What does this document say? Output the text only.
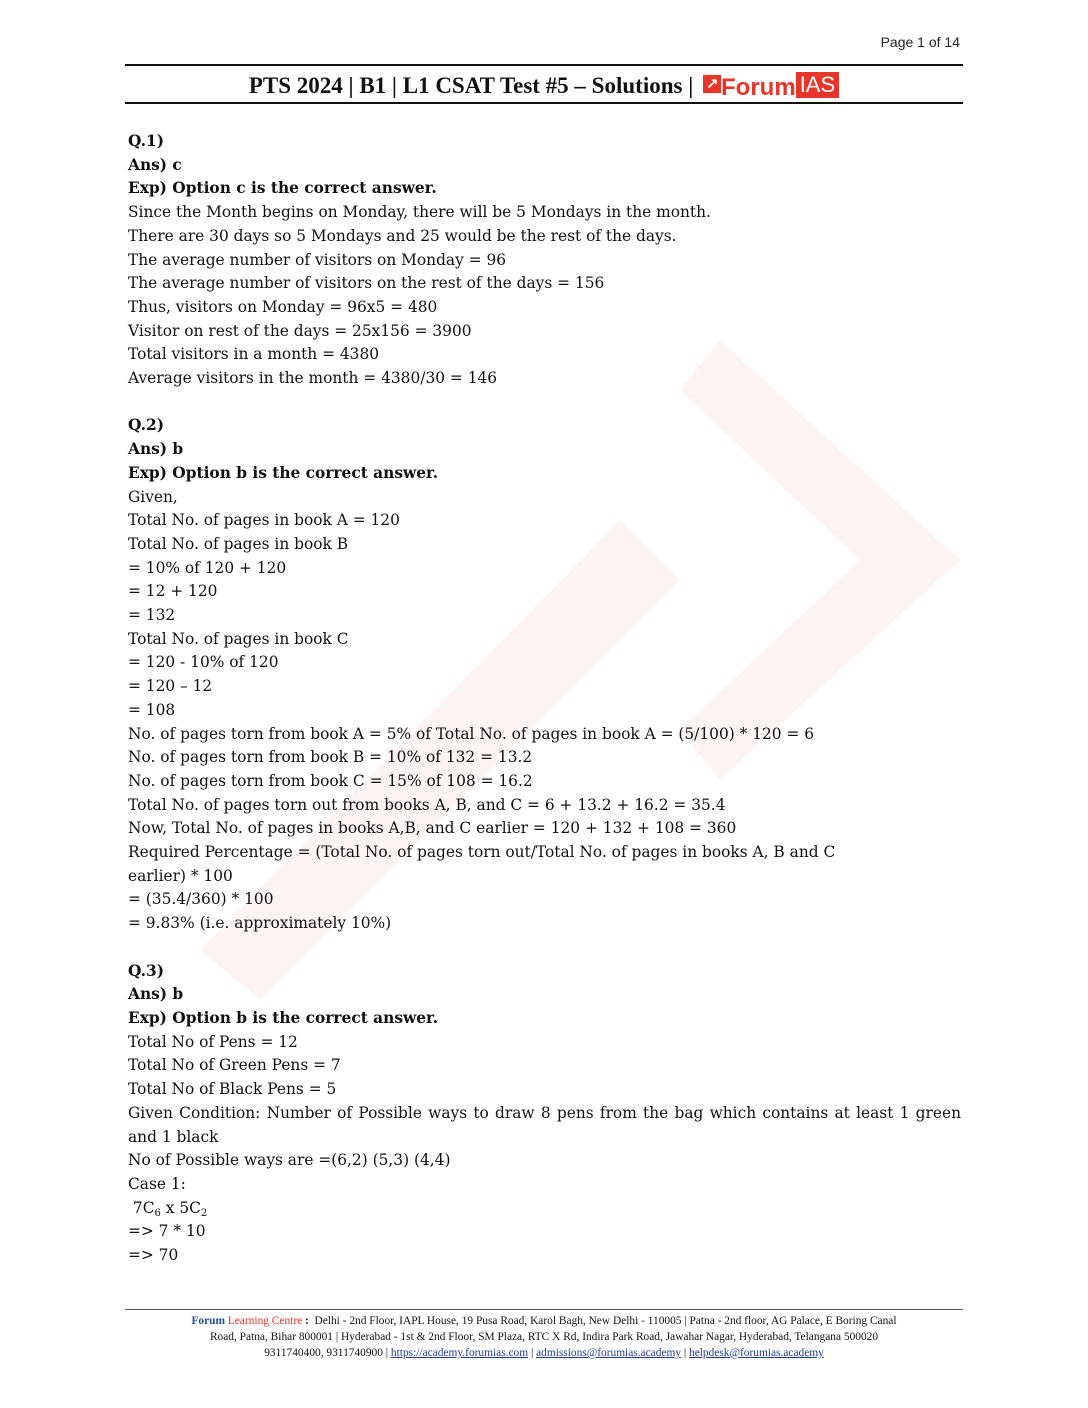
Page 1 of 14
PTS 2024 | B1 | L1 CSAT Test #5 – Solutions | ↗ Forum IAS
Q.1)
Ans) c
Exp) Option c is the correct answer.
Since the Month begins on Monday, there will be 5 Mondays in the month.
There are 30 days so 5 Mondays and 25 would be the rest of the days.
The average number of visitors on Monday = 96
The average number of visitors on the rest of the days = 156
Thus, visitors on Monday = 96x5 = 480
Visitor on rest of the days = 25x156 = 3900
Total visitors in a month = 4380
Average visitors in the month = 4380/30 = 146
Q.2)
Ans) b
Exp) Option b is the correct answer.
Given,
Total No. of pages in book A = 120
Total No. of pages in book B
= 10% of 120 + 120
= 12 + 120
= 132
Total No. of pages in book C
= 120 - 10% of 120
= 120 – 12
= 108
No. of pages torn from book A = 5% of Total No. of pages in book A = (5/100) * 120 = 6
No. of pages torn from book B = 10% of 132 = 13.2
No. of pages torn from book C = 15% of 108 = 16.2
Total No. of pages torn out from books A, B, and C = 6 + 13.2 + 16.2 = 35.4
Now, Total No. of pages in books A,B, and C earlier = 120 + 132 + 108 = 360
Required Percentage = (Total No. of pages torn out/Total No. of pages in books A, B and C
earlier) * 100
= (35.4/360) * 100
= 9.83% (i.e. approximately 10%)
Q.3)
Ans) b
Exp) Option b is the correct answer.
Total No of Pens = 12
Total No of Green Pens = 7
Total No of Black Pens = 5
Given Condition: Number of Possible ways to draw 8 pens from the bag which contains at least 1 green and 1 black
No of Possible ways are =(6,2) (5,3) (4,4)
Case 1:
$7C_6$ x $5C_2$
=> 7 * 10
=> 70
Forum Learning Centre : Delhi - 2nd Floor, IAPL House, 19 Pusa Road, Karol Bagh, New Delhi - 110005 | Patna - 2nd floor, AG Palace, E Boring Canal
Road, Patna, Bihar 800001 | Hyderabad - 1st & 2nd Floor, SM Plaza, RTC X Rd, Indira Park Road, Jawahar Nagar, Hyderabad, Telangana 500020
9311740400, 9311740900 | https://academy.forumias.com | admissions@forumias.academy | helpdesk@forumias.academy
